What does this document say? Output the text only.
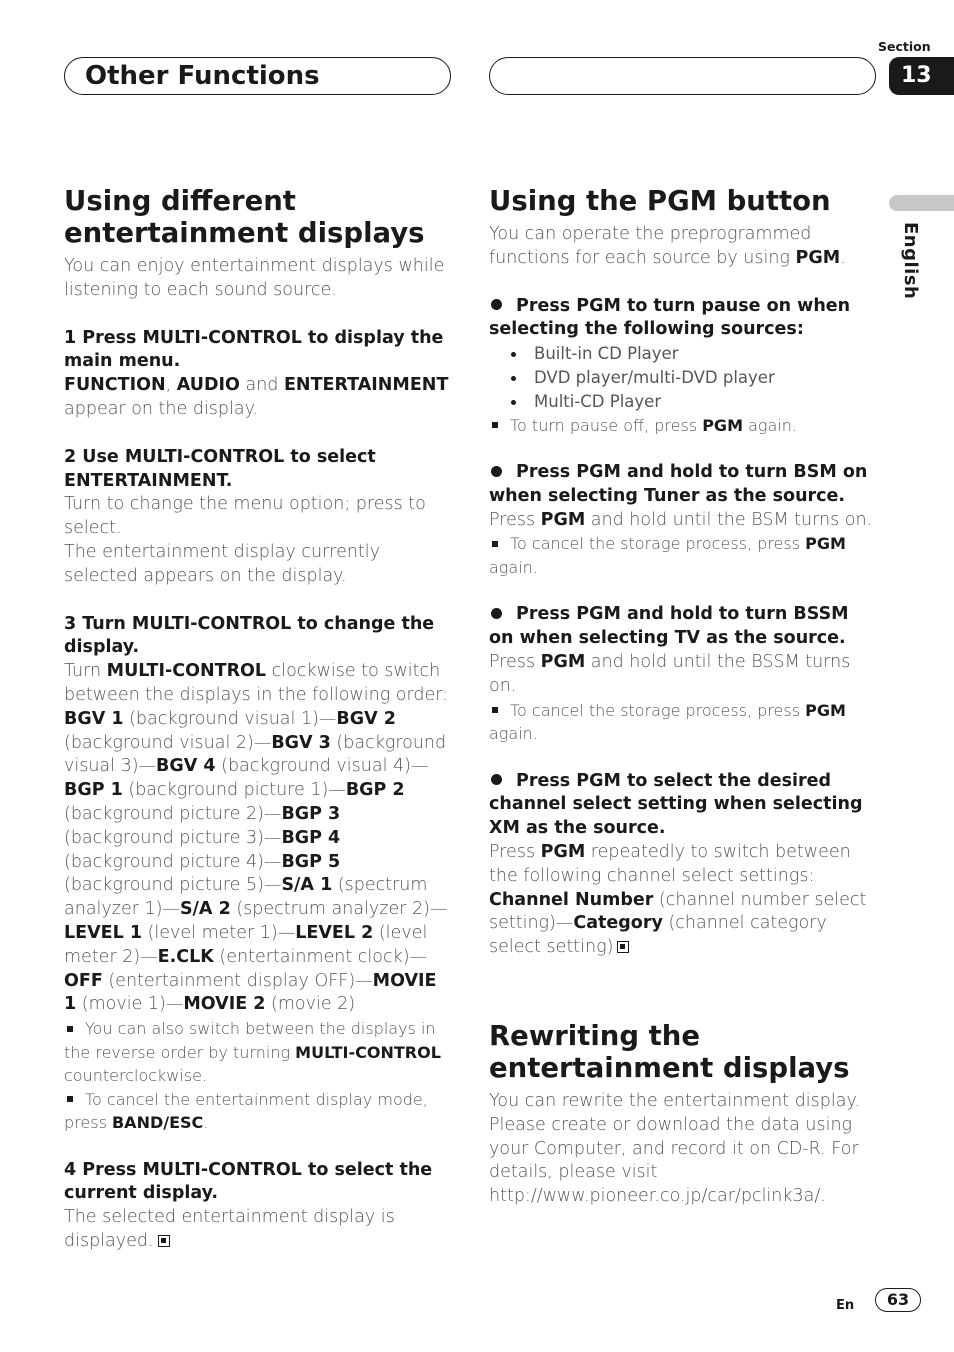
Other Functions
Section
13
English
Using different entertainment displays

You can enjoy entertainment displays while listening to each sound source.

1 Press MULTI-CONTROL to display the main menu.

FUNCTION, AUDIO and ENTERTAINMENT
appear on the display.

2 Use MULTI-CONTROL to select ENTERTAINMENT.

Turn to change the menu option; press to select.

The entertainment display currently selected appears on the display.

3 Turn MULTI-CONTROL to change the display.

Turn MULTI-CONTROL clockwise to switch between the displays in the following order:

BGV 1 (background visual 1)—BGV 2 (background visual 2)—BGV 3 (background visual 3)—BGV 4 (background visual 4)—BGP 1 (background picture 1)—BGP 2 (background picture 2)—BGP 3 (background picture 3)—BGP 4 (background picture 4)—BGP 5 (background picture 5)—S/A 1 (spectrum analyzer 1)—S/A 2 (spectrum analyzer 2)—LEVEL 1 (level meter 1)—LEVEL 2 (level meter 2)—E.CLK (entertainment clock)—OFF (entertainment display OFF)—MOVIE 1 (movie 1)—MOVIE 2 (movie 2)

You can also switch between the displays in the reverse order by turning MULTI-CONTROL counterclockwise.

To cancel the entertainment display mode, press BAND/ESC.

4 Press MULTI-CONTROL to select the current display.

The selected entertainment display is displayed.

Using the PGM button

You can operate the preprogrammed functions for each source by using PGM.

Press PGM to turn pause on when selecting the following sources:

Built-in CD Player
DVD player/multi-DVD player
Multi-CD Player

To turn pause off, press PGM again.

Press PGM and hold to turn BSM on when selecting Tuner as the source.

Press PGM and hold until the BSM turns on.

To cancel the storage process, press PGM again.

Press PGM and hold to turn BSSM on when selecting TV as the source.

Press PGM and hold until the BSSM turns on.

To cancel the storage process, press PGM again.

Press PGM to select the desired channel select setting when selecting XM as the source.

Press PGM repeatedly to switch between the following channel select settings:
Channel Number (channel number select setting)—Category (channel category select setting)

Rewriting the entertainment displays

You can rewrite the entertainment display. Please create or download the data using your Computer, and record it on CD-R. For details, please visit

http://www.pioneer.co.jp/car/pclink3a/.

En	63
